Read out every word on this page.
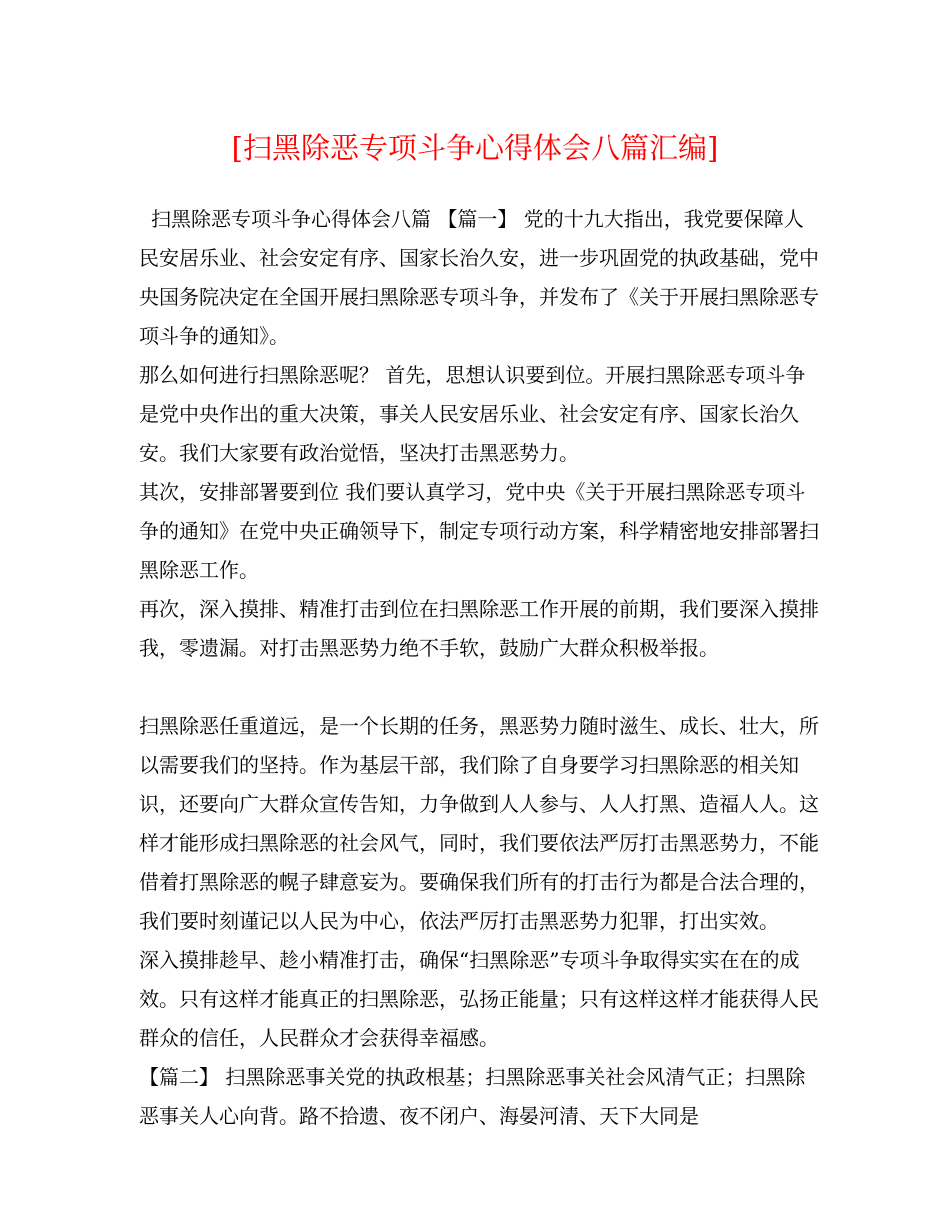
[扫黑除恶专项斗争心得体会八篇汇编]

扫黑除恶专项斗争心得体会八篇 【篇一】 党的十九大指出，我党要保障人民安居乐业、社会安定有序、国家长治久安，进一步巩固党的执政基础，党中央国务院决定在全国开展扫黑除恶专项斗争，并发布了《关于开展扫黑除恶专项斗争的通知》。

那么如何进行扫黑除恶呢？ 首先，思想认识要到位。开展扫黑除恶专项斗争是党中央作出的重大决策，事关人民安居乐业、社会安定有序、国家长治久安。我们大家要有政治觉悟，坚决打击黑恶势力。

其次，安排部署要到位 我们要认真学习，党中央《关于开展扫黑除恶专项斗争的通知》在党中央正确领导下，制定专项行动方案，科学精密地安排部署扫黑除恶工作。

再次，深入摸排、精准打击到位在扫黑除恶工作开展的前期，我们要深入摸排我，零遗漏。对打击黑恶势力绝不手软，鼓励广大群众积极举报。

扫黑除恶任重道远，是一个长期的任务，黑恶势力随时滋生、成长、壮大，所以需要我们的坚持。作为基层干部，我们除了自身要学习扫黑除恶的相关知识，还要向广大群众宣传告知，力争做到人人参与、人人打黑、造福人人。这样才能形成扫黑除恶的社会风气，同时，我们要依法严厉打击黑恶势力，不能借着打黑除恶的幌子肆意妄为。要确保我们所有的打击行为都是合法合理的，我们要时刻谨记以人民为中心，依法严厉打击黑恶势力犯罪，打出实效。

深入摸排趁早、趁小精准打击，确保“扫黑除恶”专项斗争取得实实在在的成效。只有这样才能真正的扫黑除恶，弘扬正能量；只有这样这样才能获得人民群众的信任，人民群众才会获得幸福感。

【篇二】 扫黑除恶事关党的执政根基；扫黑除恶事关社会风清气正；扫黑除恶事关人心向背。路不拾遗、夜不闭户、海晏河清、天下大同是
